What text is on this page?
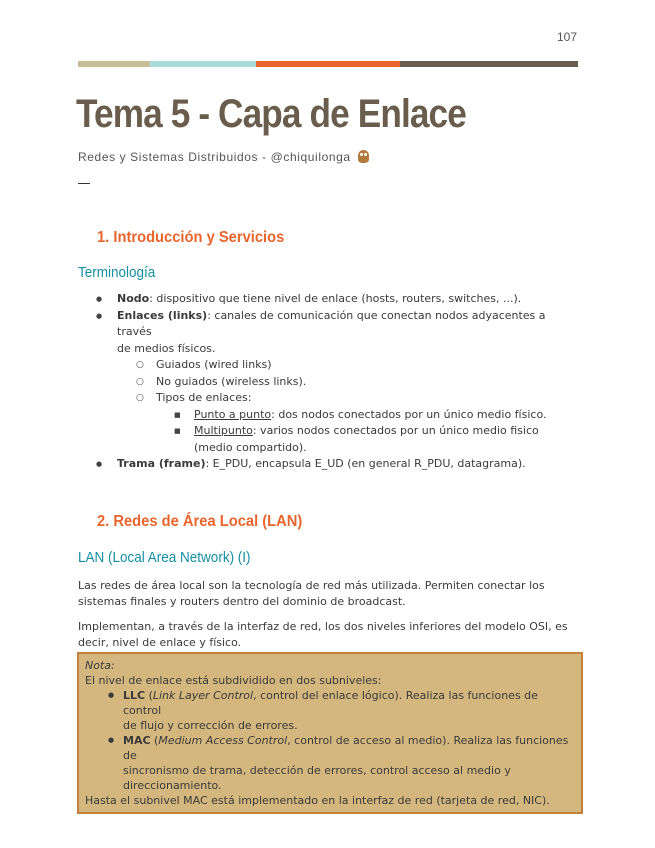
107
Tema 5 - Capa de Enlace
Redes y Sistemas Distribuidos - @chiquilonga
1. Introducción y Servicios
Terminología
● Nodo: dispositivo que tiene nivel de enlace (hosts, routers, switches, ...).
● Enlaces (links): canales de comunicación que conectan nodos adyacentes a través
de medios físicos.
○ Guiados (wired links)
○ No guiados (wireless links).
○ Tipos de enlaces:
■ Punto a punto: dos nodos conectados por un único medio físico.
■ Multipunto: varios nodos conectados por un único medio fisico
(medio compartido).
● Trama (frame): E_PDU, encapsula E_UD (en general R_PDU, datagrama).
2. Redes de Área Local (LAN)
LAN (Local Area Network) (I)

Las redes de área local son la tecnología de red más utilizada. Permiten conectar los
sistemas finales y routers dentro del dominio de broadcast.

Implementan, a través de la interfaz de red, los dos niveles inferiores del modelo OSI, es
decir, nivel de enlace y físico.

Nota:
El nivel de enlace está subdividido en dos subniveles:
● LLC (Link Layer Control, control del enlace lógico). Realiza las funciones de control
de flujo y corrección de errores.
● MAC (Medium Access Control, control de acceso al medio). Realiza las funciones de
sincronismo de trama, detección de errores, control acceso al medio y
direccionamiento.
Hasta el subnivel MAC está implementado en la interfaz de red (tarjeta de red, NIC).
